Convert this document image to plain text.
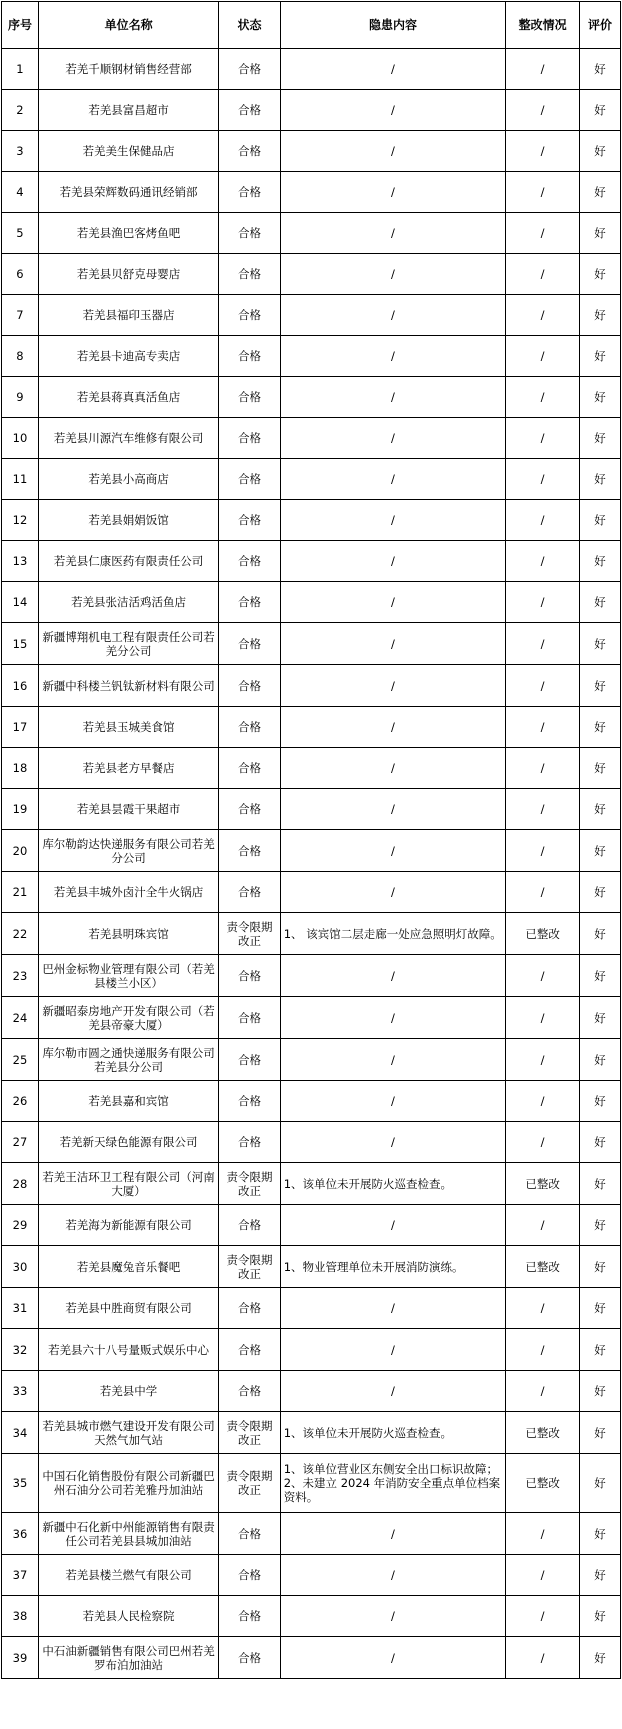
序号	单位名称	状态	隐患内容	整改情况	评价
1	若羌千顺钢材销售经营部	合格	/	/	好
2	若羌县富昌超市	合格	/	/	好
3	若羌美生保健品店	合格	/	/	好
4	若羌县荣辉数码通讯经销部	合格	/	/	好
5	若羌县渔巴客烤鱼吧	合格	/	/	好
6	若羌县贝舒克母婴店	合格	/	/	好
7	若羌县福印玉器店	合格	/	/	好
8	若羌县卡迪高专卖店	合格	/	/	好
9	若羌县蒋真真活鱼店	合格	/	/	好
10	若羌县川源汽车维修有限公司	合格	/	/	好
11	若羌县小高商店	合格	/	/	好
12	若羌县娟娟饭馆	合格	/	/	好
13	若羌县仁康医药有限责任公司	合格	/	/	好
14	若羌县张洁活鸡活鱼店	合格	/	/	好
15	新疆博翔机电工程有限责任公司若羌分公司	合格	/	/	好
16	新疆中科楼兰钒钛新材料有限公司	合格	/	/	好
17	若羌县玉城美食馆	合格	/	/	好
18	若羌县老方早餐店	合格	/	/	好
19	若羌县昙霞干果超市	合格	/	/	好
20	库尔勒韵达快递服务有限公司若羌分公司	合格	/	/	好
21	若羌县丰城外卤汁全牛火锅店	合格	/	/	好
22	若羌县明珠宾馆	责令限期改正	1、 该宾馆二层走廊一处应急照明灯故障。	已整改	好
23	巴州金标物业管理有限公司（若羌县楼兰小区）	合格	/	/	好
24	新疆昭泰房地产开发有限公司（若羌县帝豪大厦）	合格	/	/	好
25	库尔勒市圆之通快递服务有限公司若羌县分公司	合格	/	/	好
26	若羌县嘉和宾馆	合格	/	/	好
27	若羌新天绿色能源有限公司	合格	/	/	好
28	若羌王洁环卫工程有限公司（河南大厦）	责令限期改正	1、该单位未开展防火巡查检查。	已整改	好
29	若羌海为新能源有限公司	合格	/	/	好
30	若羌县魔兔音乐餐吧	责令限期改正	1、物业管理单位未开展消防演练。	已整改	好
31	若羌县中胜商贸有限公司	合格	/	/	好
32	若羌县六十八号量贩式娱乐中心	合格	/	/	好
33	若羌县中学	合格	/	/	好
34	若羌县城市燃气建设开发有限公司天然气加气站	责令限期改正	1、该单位未开展防火巡查检查。	已整改	好
35	中国石化销售股份有限公司新疆巴州石油分公司若羌雅丹加油站	责令限期改正	1、该单位营业区东侧安全出口标识故障；2、未建立 2024 年消防安全重点单位档案资料。	已整改	好
36	新疆中石化新中州能源销售有限责任公司若羌县县城加油站	合格	/	/	好
37	若羌县楼兰燃气有限公司	合格	/	/	好
38	若羌县人民检察院	合格	/	/	好
39	中石油新疆销售有限公司巴州若羌罗布泊加油站	合格	/	/	好
